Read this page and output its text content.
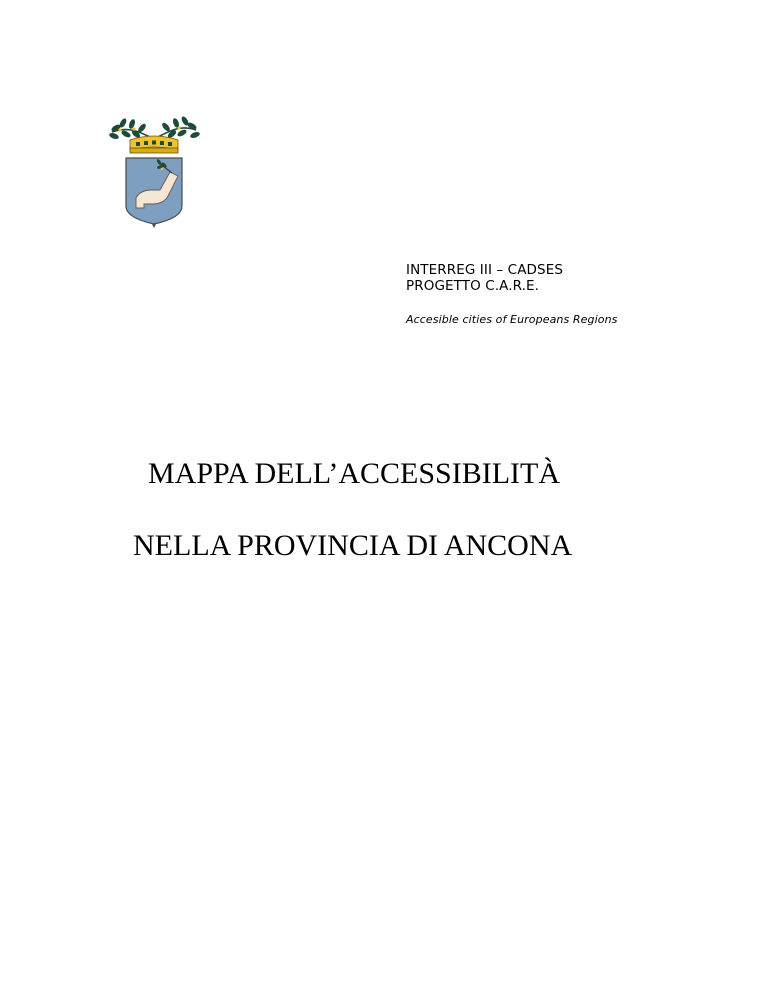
INTERREG III – CADSES

PROGETTO C.A.R.E.

Accesible cities of Europeans Regions

MAPPA DELL’ACCESSIBILITÀ
NELLA PROVINCIA DI ANCONA
